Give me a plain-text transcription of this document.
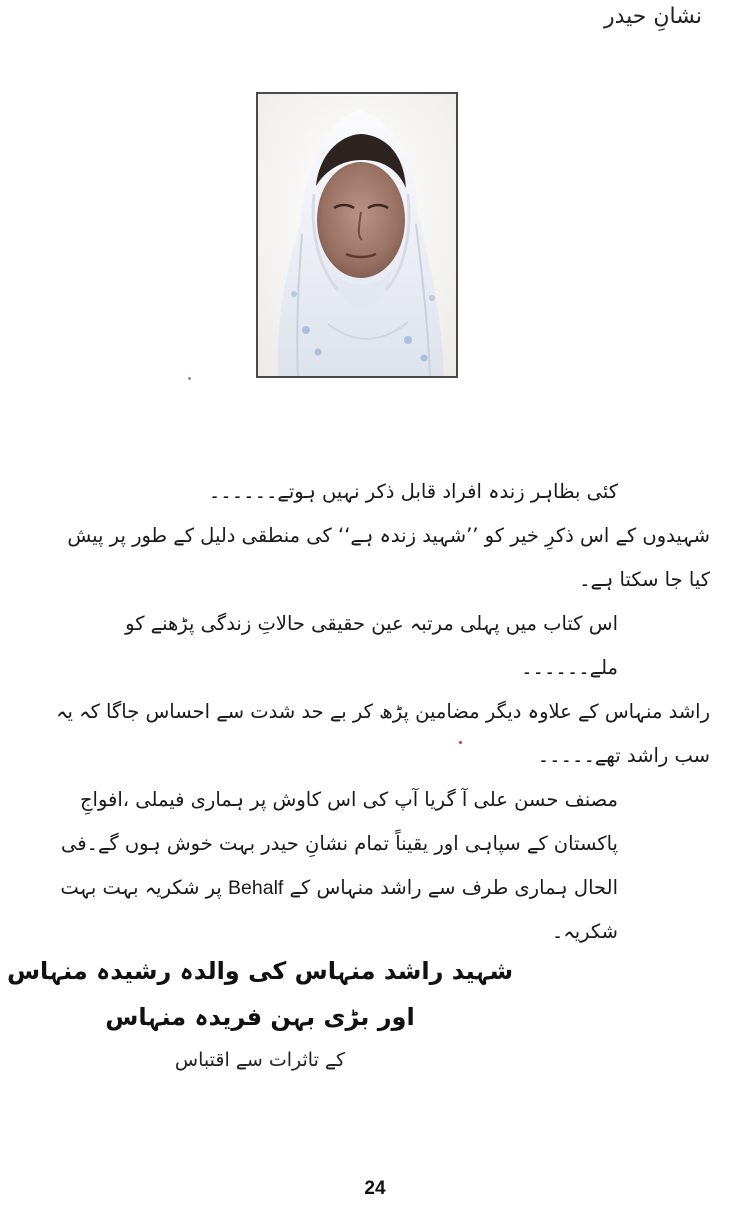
نشانِ حیدر

کئی بظاہر زندہ افراد قابل ذکر نہیں ہوتے۔۔۔۔۔۔

شہیدوں کے اس ذکرِ خیر کو ’’شہید زندہ ہے‘‘ کی منطقی دلیل کے طور پر پیش کیا جا سکتا ہے۔

اس کتاب میں پہلی مرتبہ عین حقیقی حالاتِ زندگی پڑھنے کو ملے۔۔۔۔۔۔

راشد منہاس کے علاوہ دیگر مضامین پڑھ کر بے حد شدت سے احساس جاگا کہ یہ سب راشد تھے۔۔۔۔۔

مصنف حسن علی آ گریا آپ کی اس کاوش پر ہماری فیملی ،افواجِ پاکستان کے سپاہی اور یقیناً تمام نشانِ حیدر بہت خوش ہوں گے۔فی الحال ہماری طرف سے راشد منہاس کے Behalf پر شکریہ بہت بہت شکریہ۔

شہید راشد منہاس کی والدہ رشیدہ منہاس

اور بڑی بہن فریدہ منہاس

کے تاثرات سے اقتباس

24
